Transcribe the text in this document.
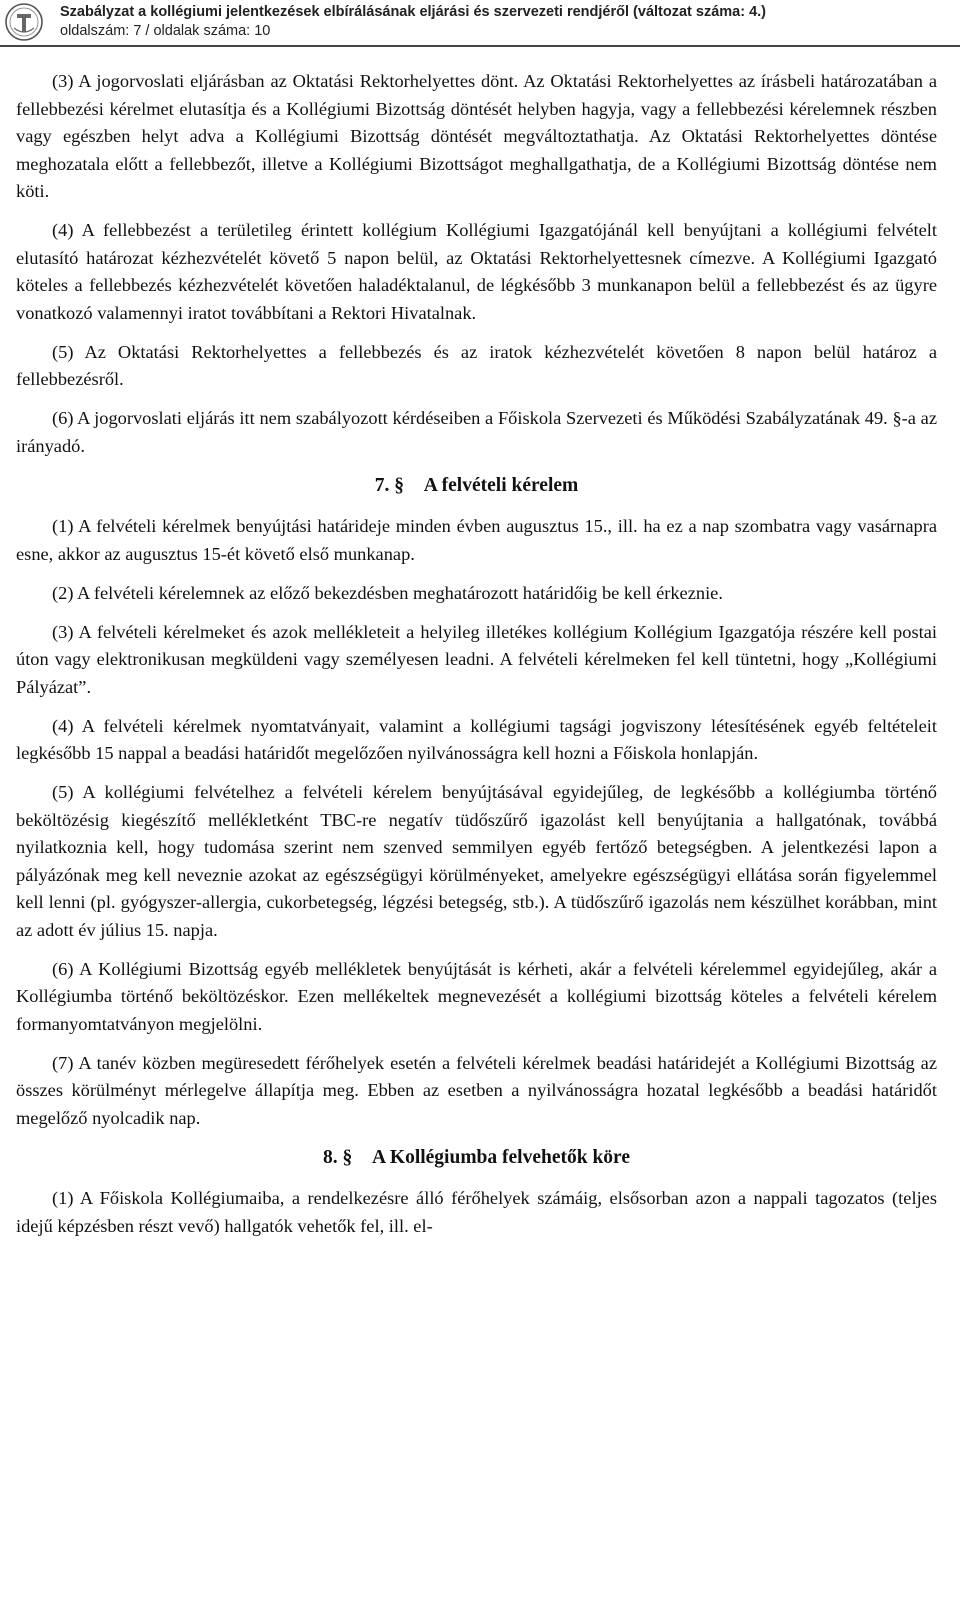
Szabályzat a kollégiumi jelentkezések elbírálásának eljárási és szervezeti rendjéről (változat száma: 4.)
oldalszám: 7 / oldalak száma: 10

(3) A jogorvoslati eljárásban az Oktatási Rektorhelyettes dönt. Az Oktatási Rektorhelyettes az írásbeli határozatában a fellebbezési kérelmet elutasítja és a Kollégiumi Bizottság döntését helyben hagyja, vagy a fellebbezési kérelemnek részben vagy egészben helyt adva a Kollégiumi Bizottság döntését megváltoztathatja. Az Oktatási Rektorhelyettes döntése meghozatala előtt a fellebbezőt, illetve a Kollégiumi Bizottságot meghallgathatja, de a Kollégiumi Bizottság döntése nem köti.

(4) A fellebbezést a területileg érintett kollégium Kollégiumi Igazgatójánál kell benyújtani a kollégiumi felvételt elutasító határozat kézhezvételét követő 5 napon belül, az Oktatási Rektorhelyettesnek címezve. A Kollégiumi Igazgató köteles a fellebbezés kézhezvételét követően haladéktalanul, de légkésőbb 3 munkanapon belül a fellebbezést és az ügyre vonatkozó valamennyi iratot továbbítani a Rektori Hivatalnak.

(5) Az Oktatási Rektorhelyettes a fellebbezés és az iratok kézhezvételét követően 8 napon belül határoz a fellebbezésről.

(6) A jogorvoslati eljárás itt nem szabályozott kérdéseiben a Főiskola Szervezeti és Működési Szabályzatának 49. §-a az irányadó.

7. § A felvételi kérelem

(1) A felvételi kérelmek benyújtási határideje minden évben augusztus 15., ill. ha ez a nap szombatra vagy vasárnapra esne, akkor az augusztus 15-ét követő első munkanap.

(2) A felvételi kérelemnek az előző bekezdésben meghatározott határidőig be kell érkeznie.

(3) A felvételi kérelmeket és azok mellékleteit a helyileg illetékes kollégium Kollégium Igazgatója részére kell postai úton vagy elektronikusan megküldeni vagy személyesen leadni. A felvételi kérelmeken fel kell tüntetni, hogy „Kollégiumi Pályázat”.

(4) A felvételi kérelmek nyomtatványait, valamint a kollégiumi tagsági jogviszony létesítésének egyéb feltételeit legkésőbb 15 nappal a beadási határidőt megelőzően nyilvánosságra kell hozni a Főiskola honlapján.

(5) A kollégiumi felvételhez a felvételi kérelem benyújtásával egyidejűleg, de legkésőbb a kollégiumba történő beköltözésig kiegészítő mellékletként TBC-re negatív tüdőszűrő igazolást kell benyújtania a hallgatónak, továbbá nyilatkoznia kell, hogy tudomása szerint nem szenved semmilyen egyéb fertőző betegségben. A jelentkezési lapon a pályázónak meg kell neveznie azokat az egészségügyi körülményeket, amelyekre egészségügyi ellátása során figyelemmel kell lenni (pl. gyógyszer-allergia, cukorbetegség, légzési betegség, stb.). A tüdőszűrő igazolás nem készülhet korábban, mint az adott év július 15. napja.

(6) A Kollégiumi Bizottság egyéb mellékletek benyújtását is kérheti, akár a felvételi kérelemmel egyidejűleg, akár a Kollégiumba történő beköltözéskor. Ezen mellékeltek megnevezését a kollégiumi bizottság köteles a felvételi kérelem formanyomtatványon megjelölni.

(7) A tanév közben megüresedett férőhelyek esetén a felvételi kérelmek beadási határidejét a Kollégiumi Bizottság az összes körülményt mérlegelve állapítja meg. Ebben az esetben a nyilvánosságra hozatal legkésőbb a beadási határidőt megelőző nyolcadik nap.

8. § A Kollégiumba felvehetők köre

(1) A Főiskola Kollégiumaiba, a rendelkezésre álló férőhelyek számáig, elsősorban azon a nappali tagozatos (teljes idejű képzésben részt vevő) hallgatók vehetők fel, ill. el-
